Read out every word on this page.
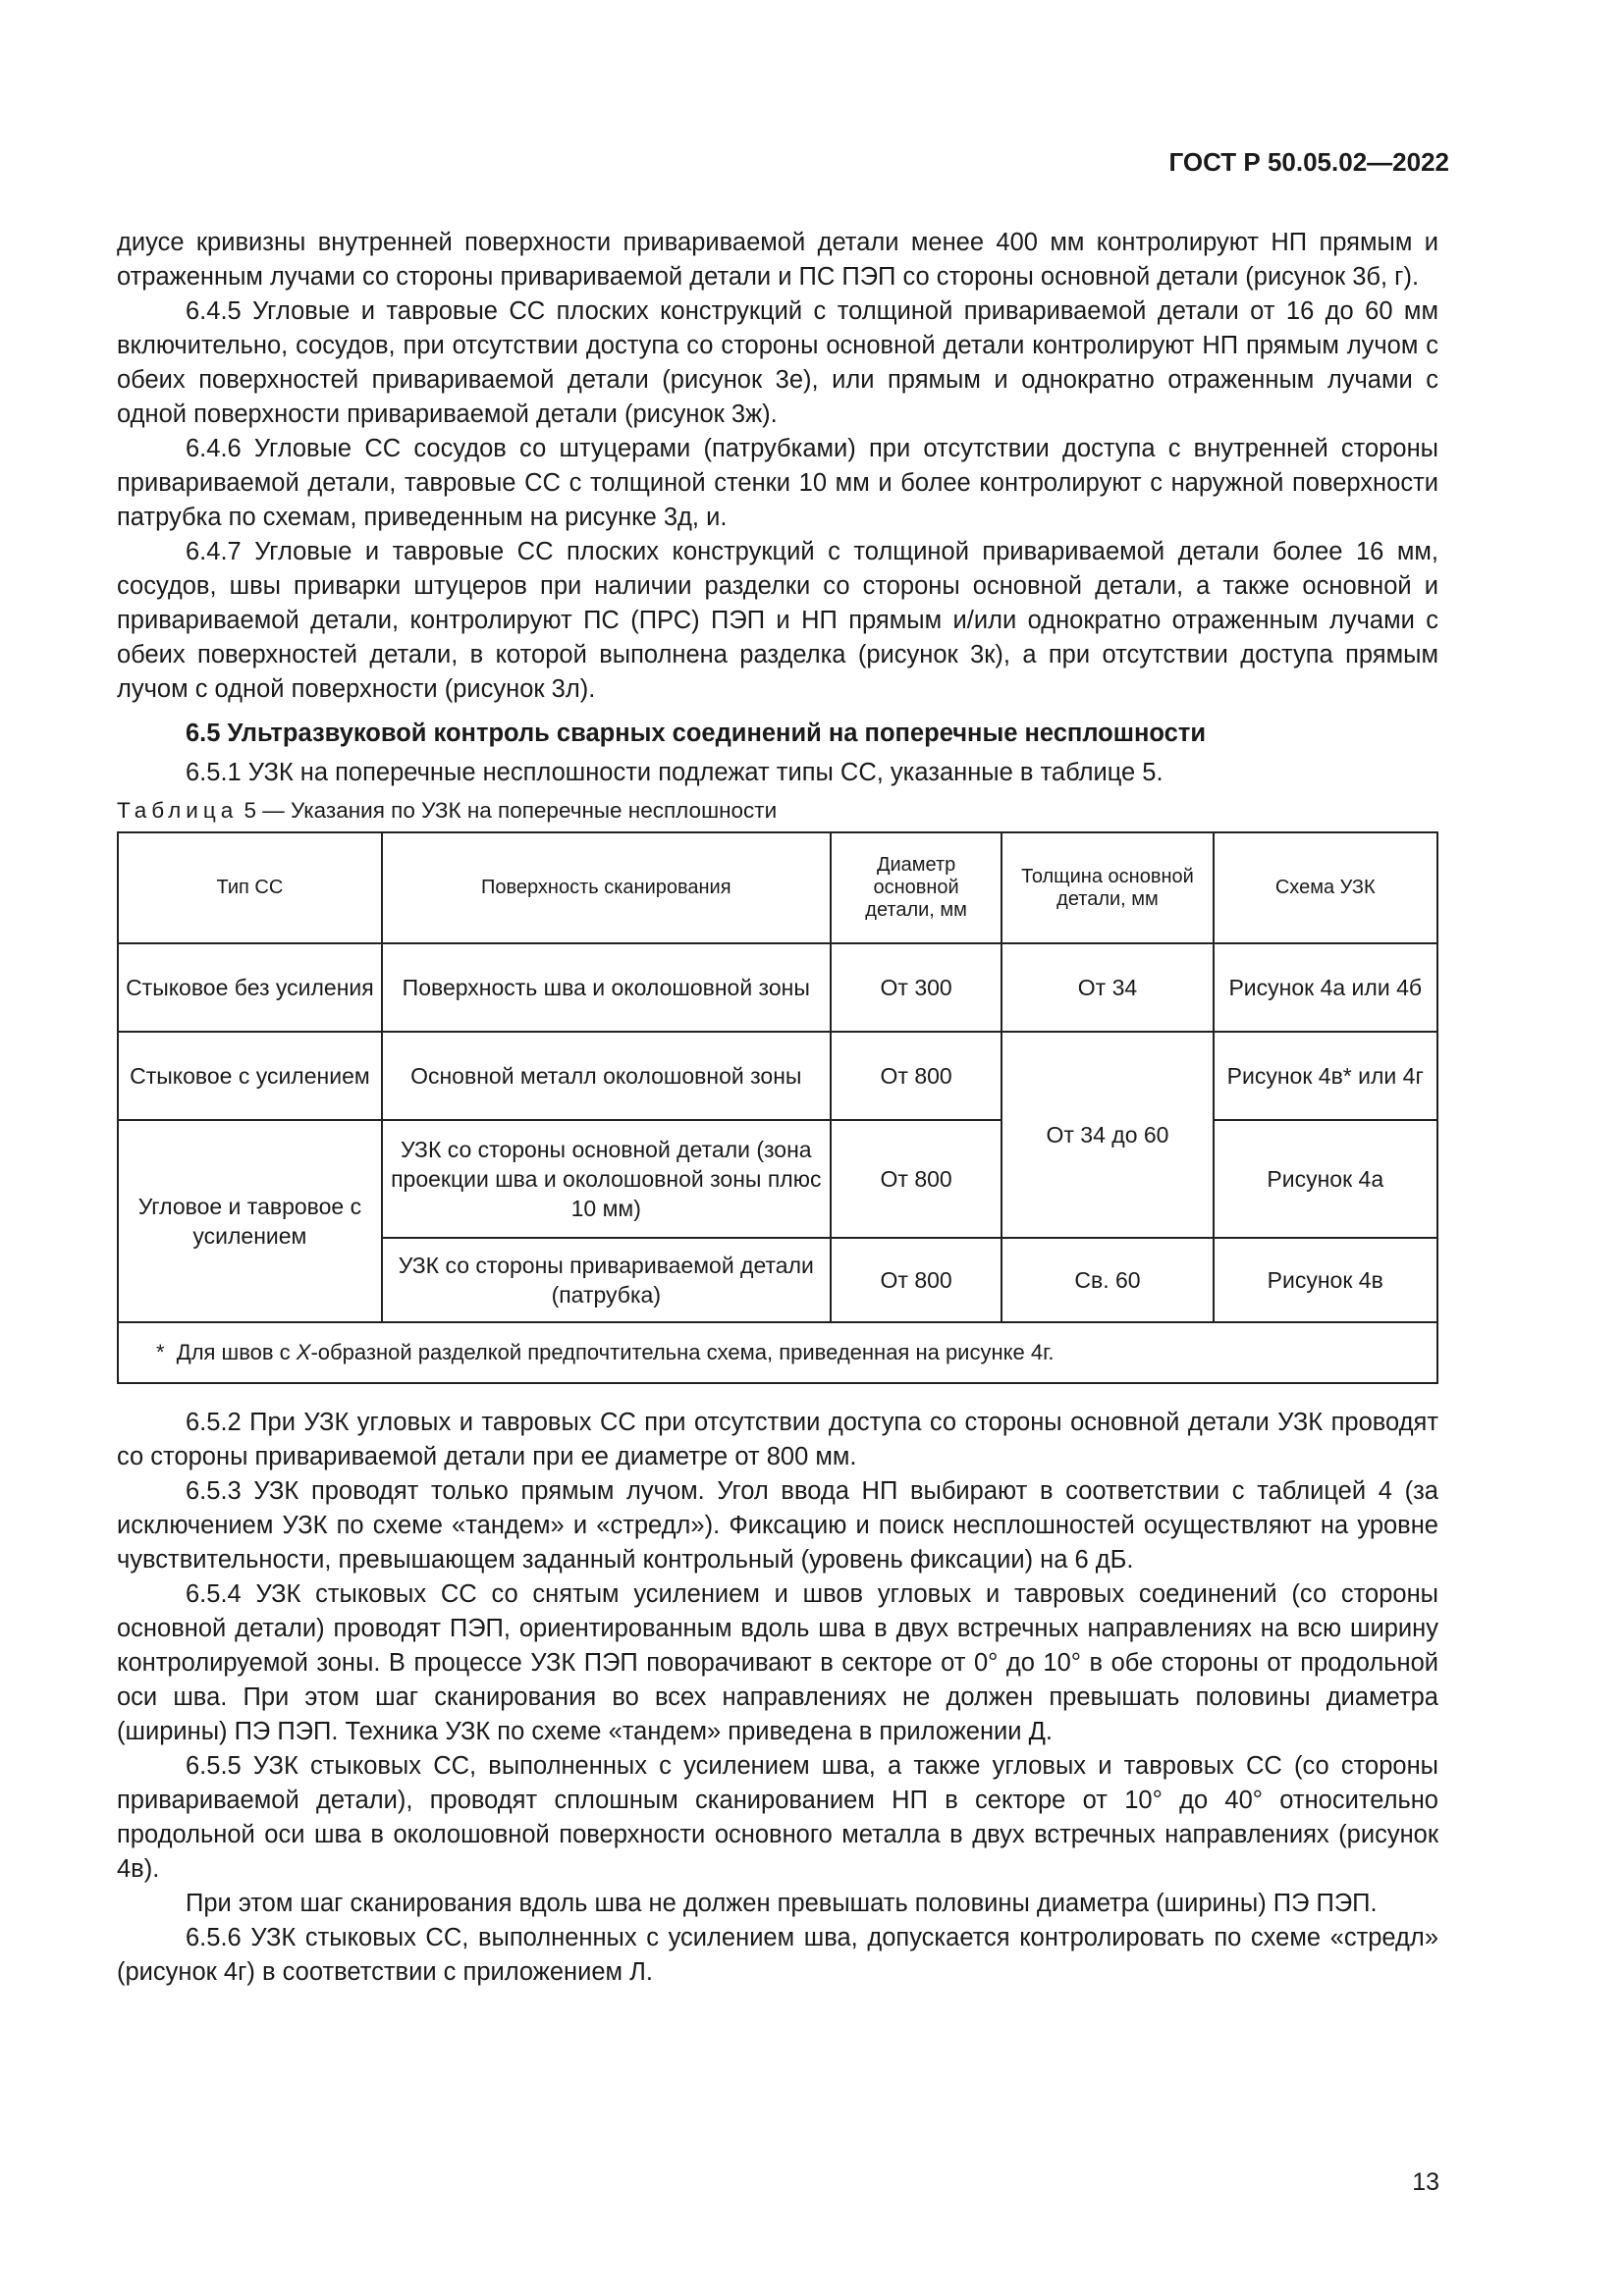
ГОСТ Р 50.05.02—2022

диусе кривизны внутренней поверхности привариваемой детали менее 400 мм контролируют НП прямым и отраженным лучами со стороны привариваемой детали и ПС ПЭП со стороны основной детали (рисунок 3б, г).

6.4.5 Угловые и тавровые СС плоских конструкций с толщиной привариваемой детали от 16 до 60 мм включительно, сосудов, при отсутствии доступа со стороны основной детали контролируют НП прямым лучом с обеих поверхностей привариваемой детали (рисунок 3е), или прямым и однократно отраженным лучами с одной поверхности привариваемой детали (рисунок 3ж).

6.4.6 Угловые СС сосудов со штуцерами (патрубками) при отсутствии доступа с внутренней стороны привариваемой детали, тавровые СС с толщиной стенки 10 мм и более контролируют с наружной поверхности патрубка по схемам, приведенным на рисунке 3д, и.

6.4.7 Угловые и тавровые СС плоских конструкций с толщиной привариваемой детали более 16 мм, сосудов, швы приварки штуцеров при наличии разделки со стороны основной детали, а также основной и привариваемой детали, контролируют ПС (ПРС) ПЭП и НП прямым и/или однократно отраженным лучами с обеих поверхностей детали, в которой выполнена разделка (рисунок 3к), а при отсутствии доступа прямым лучом с одной поверхности (рисунок 3л).

6.5 Ультразвуковой контроль сварных соединений на поперечные несплошности

6.5.1 УЗК на поперечные несплошности подлежат типы СС, указанные в таблице 5.

Таблица 5 — Указания по УЗК на поперечные несплошности
Тип СС	Поверхность сканирования	Диаметр основной детали, мм	Толщина основной детали, мм	Схема УЗК
Стыковое без усиления	Поверхность шва и околошовной зоны	От 300	От 34	Рисунок 4а или 4б
Стыковое с усилением	Основной металл околошовной зоны	От 800	От 34 до 60	Рисунок 4в* или 4г
Угловое и тавровое с усилением	УЗК со стороны основной детали (зона проекции шва и околошовной зоны плюс 10 мм)	От 800		Рисунок 4а
	УЗК со стороны привариваемой детали (патрубка)	От 800	Св. 60	Рисунок 4в
* Для швов с X-образной разделкой предпочтительна схема, приведенная на рисунке 4г.				

6.5.2 При УЗК угловых и тавровых СС при отсутствии доступа со стороны основной детали УЗК проводят со стороны привариваемой детали при ее диаметре от 800 мм.

6.5.3 УЗК проводят только прямым лучом. Угол ввода НП выбирают в соответствии с таблицей 4 (за исключением УЗК по схеме «тандем» и «стредл»). Фиксацию и поиск несплошностей осуществляют на уровне чувствительности, превышающем заданный контрольный (уровень фиксации) на 6 дБ.

6.5.4 УЗК стыковых СС со снятым усилением и швов угловых и тавровых соединений (со стороны основной детали) проводят ПЭП, ориентированным вдоль шва в двух встречных направлениях на всю ширину контролируемой зоны. В процессе УЗК ПЭП поворачивают в секторе от 0° до 10° в обе стороны от продольной оси шва. При этом шаг сканирования во всех направлениях не должен превышать половины диаметра (ширины) ПЭ ПЭП. Техника УЗК по схеме «тандем» приведена в приложении Д.

6.5.5 УЗК стыковых СС, выполненных с усилением шва, а также угловых и тавровых СС (со стороны привариваемой детали), проводят сплошным сканированием НП в секторе от 10° до 40° относительно продольной оси шва в околошовной поверхности основного металла в двух встречных направлениях (рисунок 4в).

При этом шаг сканирования вдоль шва не должен превышать половины диаметра (ширины) ПЭ ПЭП.

6.5.6 УЗК стыковых СС, выполненных с усилением шва, допускается контролировать по схеме «стредл» (рисунок 4г) в соответствии с приложением Л.

13
